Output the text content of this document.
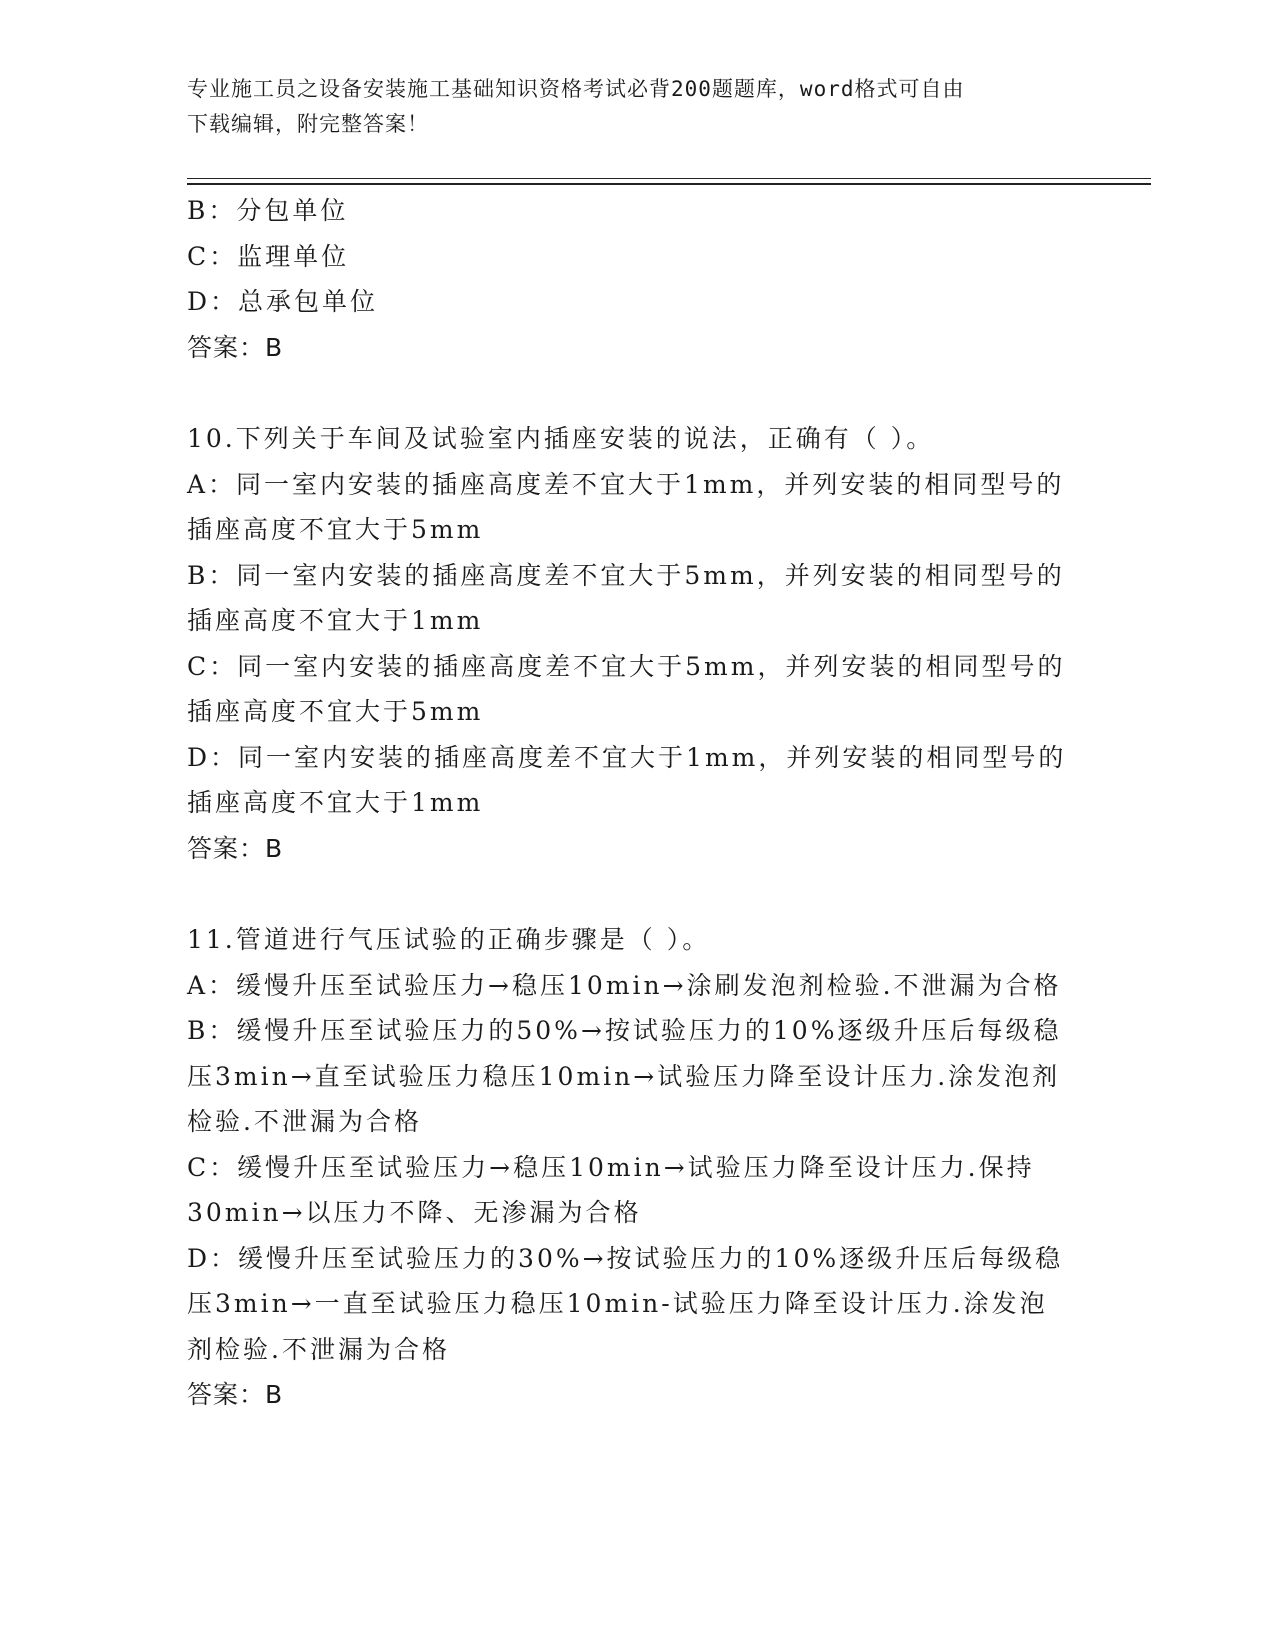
专业施工员之设备安装施工基础知识资格考试必背200题题库，word格式可自由
下载编辑，附完整答案！
B：分包单位
C：监理单位
D：总承包单位
答案：B
10.下列关于车间及试验室内插座安装的说法，正确有（ ）。
A：同一室内安装的插座高度差不宜大于1mm，并列安装的相同型号的
插座高度不宜大于5mm
B：同一室内安装的插座高度差不宜大于5mm，并列安装的相同型号的
插座高度不宜大于1mm
C：同一室内安装的插座高度差不宜大于5mm，并列安装的相同型号的
插座高度不宜大于5mm
D：同一室内安装的插座高度差不宜大于1mm，并列安装的相同型号的
插座高度不宜大于1mm
答案：B
11.管道进行气压试验的正确步骤是（ ）。
A：缓慢升压至试验压力→稳压10min→涂刷发泡剂检验.不泄漏为合格
B：缓慢升压至试验压力的50%→按试验压力的10%逐级升压后每级稳
压3min→直至试验压力稳压10min→试验压力降至设计压力.涂发泡剂
检验.不泄漏为合格
C：缓慢升压至试验压力→稳压10min→试验压力降至设计压力.保持
30min→以压力不降、无渗漏为合格
D：缓慢升压至试验压力的30%→按试验压力的10%逐级升压后每级稳
压3min→一直至试验压力稳压10min-试验压力降至设计压力.涂发泡
剂检验.不泄漏为合格
答案：B
